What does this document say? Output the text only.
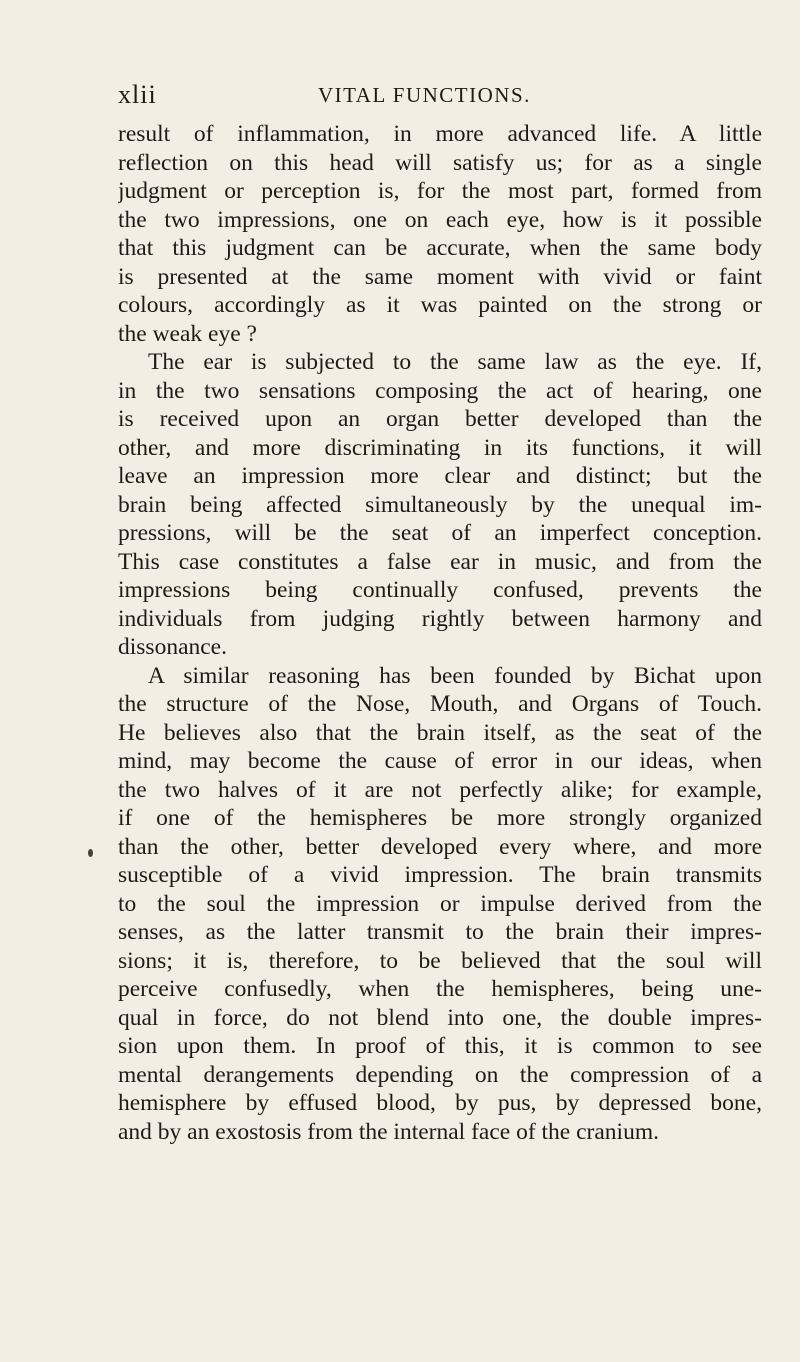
xlii	VITAL FUNCTIONS.
result of inflammation, in more advanced life. A little
reflection on this head will satisfy us; for as a single
judgment or perception is, for the most part, formed from
the two impressions, one on each eye, how is it possible
that this judgment can be accurate, when the same body
is presented at the same moment with vivid or faint
colours, accordingly as it was painted on the strong or
the weak eye ?
The ear is subjected to the same law as the eye. If,
in the two sensations composing the act of hearing, one
is received upon an organ better developed than the
other, and more discriminating in its functions, it will
leave an impression more clear and distinct; but the
brain being affected simultaneously by the unequal im-
pressions, will be the seat of an imperfect conception.
This case constitutes a false ear in music, and from the
impressions being continually confused, prevents the
individuals from judging rightly between harmony and
dissonance.
A similar reasoning has been founded by Bichat upon
the structure of the Nose, Mouth, and Organs of Touch.
He believes also that the brain itself, as the seat of the
mind, may become the cause of error in our ideas, when
the two halves of it are not perfectly alike; for example,
if one of the hemispheres be more strongly organized
than the other, better developed every where, and more
susceptible of a vivid impression. The brain transmits
to the soul the impression or impulse derived from the
senses, as the latter transmit to the brain their impres-
sions; it is, therefore, to be believed that the soul will
perceive confusedly, when the hemispheres, being une-
qual in force, do not blend into one, the double impres-
sion upon them. In proof of this, it is common to see
mental derangements depending on the compression of a
hemisphere by effused blood, by pus, by depressed bone,
and by an exostosis from the internal face of the cranium.
